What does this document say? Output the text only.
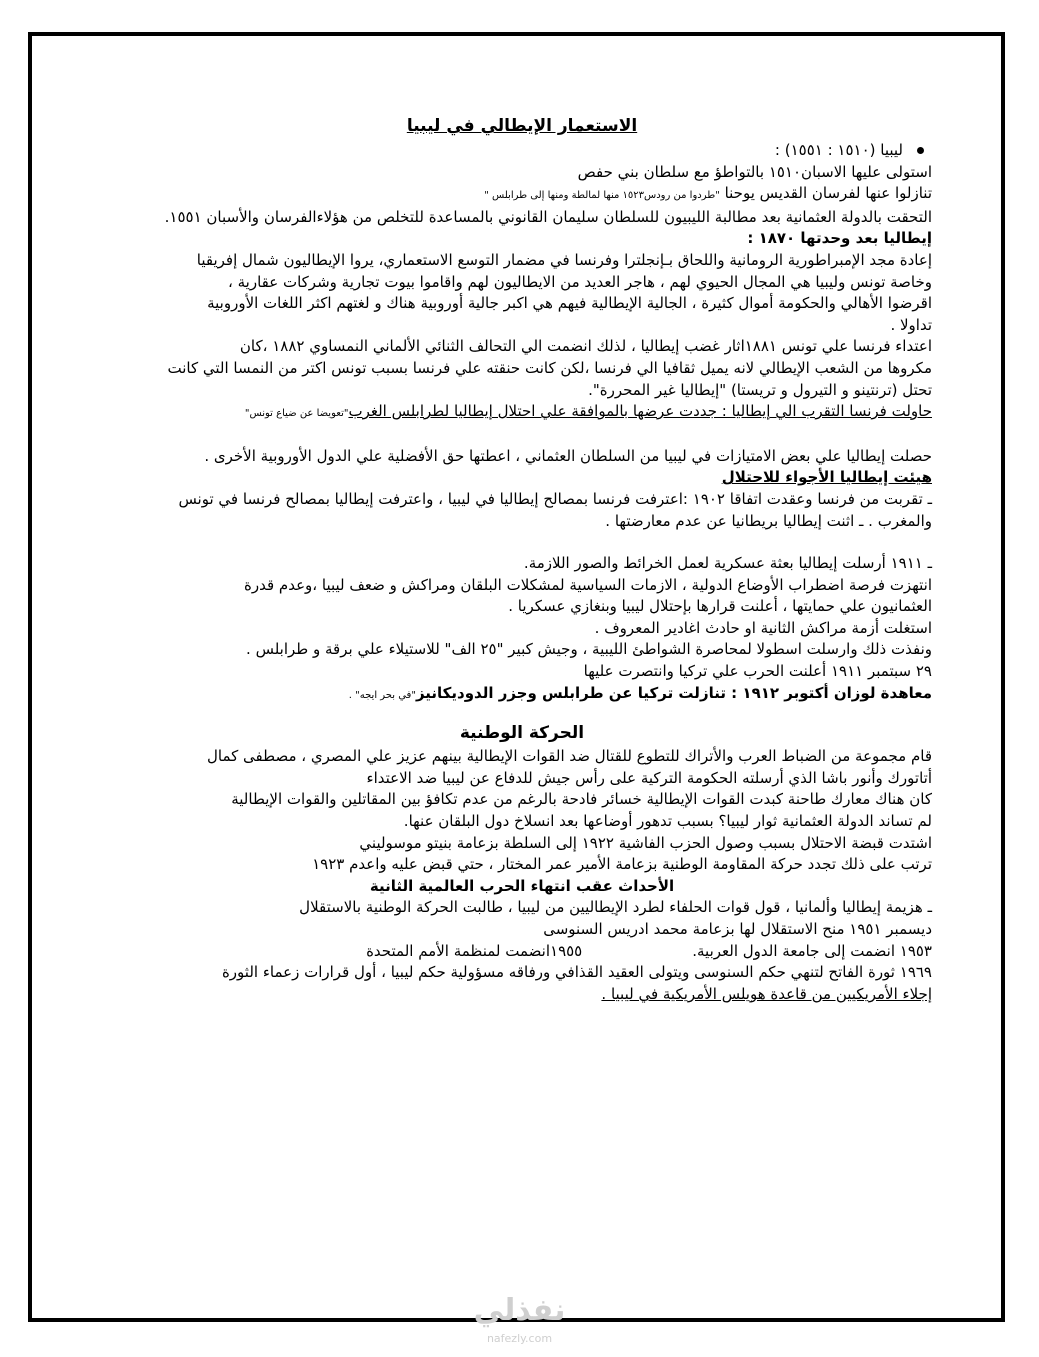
الاستعمار الإيطالي في ليبيا
ليبيا (١٥١٠ : ١٥٥١) :
استولى عليها الاسبان١٥١٠ بالتواطؤ مع سلطان بني حفص
تنازلوا عنها لفرسان القديس يوحنا "طردوا من رودس١٥٢٣ منها لمالطة ومنها إلى طرابلس "
التحقت بالدولة العثمانية بعد مطالبة الليبيون للسلطان سليمان القانوني بالمساعدة للتخلص من هؤلاءالفرسان والأسبان ١٥٥١.
إيطاليا بعد وحدتها ١٨٧٠ :
إعادة مجد الإمبراطورية الرومانية واللحاق بـإنجلترا وفرنسا في مضمار التوسع الاستعماري، يروا الإيطاليون شمال إفريقيا
وخاصة تونس وليبيا هي المجال الحيوي لهم ، هاجر العديد من الايطاليون لهم واقاموا بيوت تجارية وشركات عقارية ،
اقرضوا الأهالي والحكومة أموال كثيرة ، الجالية الإيطالية فيهم هي اكبر جالية أوروبية هناك و لغتهم اكثر اللغات الأوروبية
تداولا .
اعتداء فرنسا علي تونس ١٨٨١اثار غضب إيطاليا ، لذلك انضمت الي التحالف الثنائي الألماني النمساوي ١٨٨٢ ،كان
مكروها من الشعب الإيطالي لانه يميل ثقافيا الي فرنسا ،لكن كانت حنقته علي فرنسا بسبب تونس اكتر من النمسا التي كانت
تحتل (ترنتينو و التيرول و تريستا) "إيطاليا غير المحررة".
حاولت فرنسا التقرب الي إيطاليا : جددت عرضها بالموافقة علي احتلال إيطاليا لطرابلس الغرب"تعويضا عن ضياع تونس"
حصلت إيطاليا علي بعض الامتيازات في ليبيا من السلطان العثماني ، اعطتها حق الأفضلية علي الدول الأوروبية الأخرى .
هيئت إيطاليا الأجواء للاحتلال
ـ تقربت من فرنسا وعقدت اتفاقا ١٩٠٢ :اعترفت فرنسا بمصالح إيطاليا في ليبيا ، واعترفت إيطاليا بمصالح فرنسا في تونس
والمغرب . ـ اثنت إيطاليا بريطانيا عن عدم معارضتها .
ـ ١٩١١ أرسلت إيطاليا بعثة عسكرية لعمل الخرائط والصور اللازمة.
انتهزت فرصة اضطراب الأوضاع الدولية ، الازمات السياسية لمشكلات البلقان ومراكش و ضعف ليبيا ،وعدم قدرة
العثمانيون علي حمايتها ، أعلنت قرارها بإحتلال ليبيا وبنغازي عسكريا .
استغلت أزمة مراكش الثانية او حادث اغادير المعروف .
ونفذت ذلك وارسلت اسطولا لمحاصرة الشواطئ الليبية ، وجيش كبير "٢٥ الف" للاستيلاء علي برقة و طرابلس .
٢٩ سبتمبر ١٩١١ أعلنت الحرب علي تركيا وانتصرت عليها
معاهدة لوزان أكتوبر ١٩١٢ : تنازلت تركيا عن طرابلس وجزر الدوديكانيز"في بحر ايجه" .
الحركة الوطنية
قام مجموعة من الضباط العرب والأتراك للتطوع للقتال ضد القوات الإيطالية بينهم عزيز علي المصري ، مصطفى كمال
أتاتورك وأنور باشا الذي أرسلته الحكومة التركية على رأس جيش للدفاع عن ليبيا ضد الاعتداء
كان هناك معارك طاحنة كبدت القوات الإيطالية خسائر فادحة بالرغم من عدم تكافؤ بين المقاتلين والقوات الإيطالية
لم تساند الدولة العثمانية ثوار ليبيا؟ بسبب تدهور أوضاعها بعد انسلاخ دول البلقان عنها.
اشتدت قبضة الاحتلال بسبب وصول الحزب الفاشية ١٩٢٢ إلى السلطة بزعامة بنيتو موسوليني
ترتب على ذلك تجدد حركة المقاومة الوطنية بزعامة الأمير عمر المختار ، حتي قبض عليه واعدم ١٩٢٣
الأحداث عقب انتهاء الحرب العالمية الثانية
ـ هزيمة إيطاليا وألمانيا ، قول قوات الحلفاء لطرد الإيطاليين من ليبيا ، طالبت الحركة الوطنية بالاستقلال
ديسمبر ١٩٥١ منح الاستقلال لها بزعامة محمد ادريس السنوسى
١٩٥٣ انضمت إلى جامعة الدول العربية.١٩٥٥انضمت لمنظمة الأمم المتحدة
١٩٦٩ ثورة الفاتح لتنهي حكم السنوسى ويتولى العقيد القذافي ورفاقه مسؤولية حكم ليبيا ، أول قرارات زعماء الثورة
إجلاء الأمريكيين من قاعدة هويلس الأمريكية في ليبيا .
نفذلي
nafezly.com
